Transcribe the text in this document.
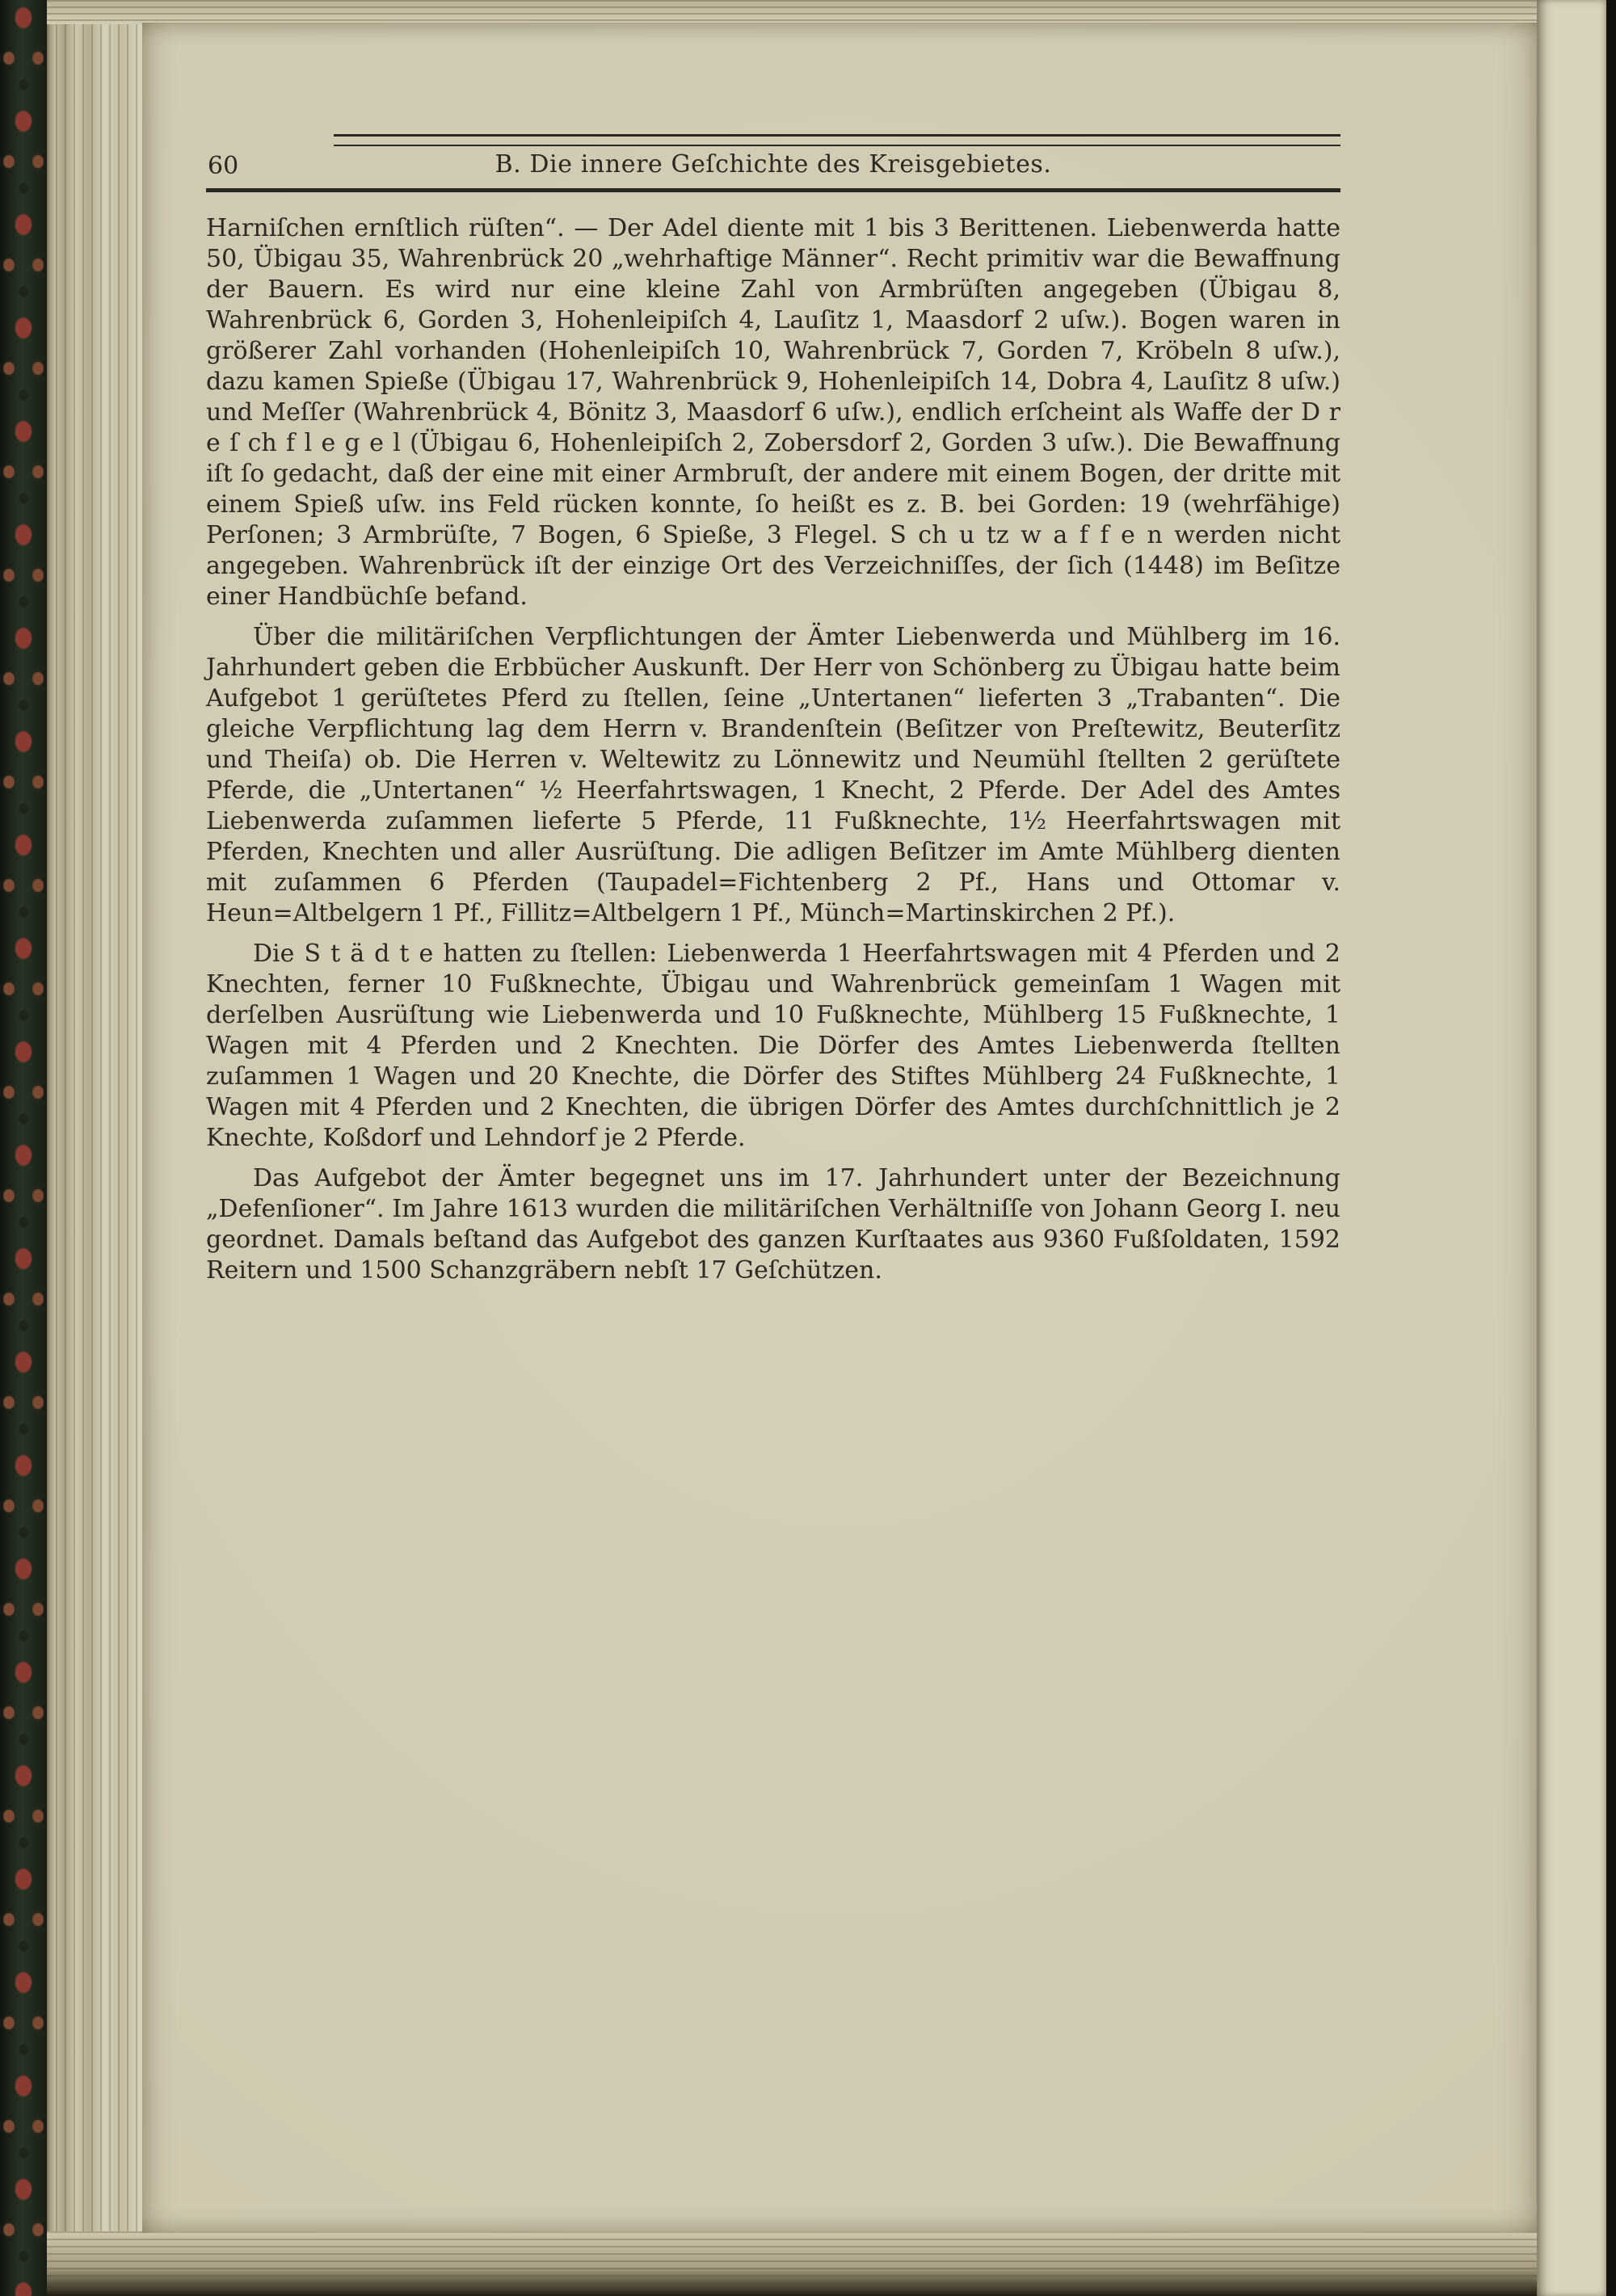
60	B. Die innere Geſchichte des Kreisgebietes.

Harniſchen ernſtlich rüſten“. — Der Adel diente mit 1 bis 3 Berittenen. Liebenwerda hatte 50, Übigau 35, Wahrenbrück 20 „wehrhaftige Männer“. Recht primitiv war die Bewaffnung der Bauern. Es wird nur eine kleine Zahl von Armbrüſten angegeben (Übigau 8, Wahrenbrück 6, Gorden 3, Hohenleipiſch 4, Lauſitz 1, Maasdorf 2 uſw.). Bogen waren in größerer Zahl vorhanden (Hohenleipiſch 10, Wahrenbrück 7, Gorden 7, Kröbeln 8 uſw.), dazu kamen Spieße (Übigau 17, Wahrenbrück 9, Hohenleipiſch 14, Dobra 4, Lauſitz 8 uſw.) und Meſſer (Wahrenbrück 4, Bönitz 3, Maasdorf 6 uſw.), endlich erſcheint als Waffe der D r e ſ ch f l e g e l (Übigau 6, Hohenleipiſch 2, Zobersdorf 2, Gorden 3 uſw.). Die Bewaffnung iſt ſo gedacht, daß der eine mit einer Armbruſt, der andere mit einem Bogen, der dritte mit einem Spieß uſw. ins Feld rücken konnte, ſo heißt es z. B. bei Gorden: 19 (wehrfähige) Perſonen; 3 Armbrüſte, 7 Bogen, 6 Spieße, 3 Flegel. S ch u tz w a f f e n werden nicht angegeben. Wahrenbrück iſt der einzige Ort des Verzeichniſſes, der ſich (1448) im Beſitze einer Handbüchſe befand.

Über die militäriſchen Verpflichtungen der Ämter Liebenwerda und Mühlberg im 16. Jahrhundert geben die Erbbücher Auskunft. Der Herr von Schönberg zu Übigau hatte beim Aufgebot 1 gerüſtetes Pferd zu ſtellen, ſeine „Untertanen“ lieferten 3 „Trabanten“. Die gleiche Verpflichtung lag dem Herrn v. Brandenſtein (Beſitzer von Preſtewitz, Beuterſitz und Theiſa) ob. Die Herren v. Weltewitz zu Lönnewitz und Neumühl ſtellten 2 gerüſtete Pferde, die „Untertanen“ ½ Heerfahrtswagen, 1 Knecht, 2 Pferde. Der Adel des Amtes Liebenwerda zuſammen lieferte 5 Pferde, 11 Fußknechte, 1½ Heerfahrtswagen mit Pferden, Knechten und aller Ausrüſtung. Die adligen Beſitzer im Amte Mühlberg dienten mit zuſammen 6 Pferden (Taupadel=Fichtenberg 2 Pf., Hans und Ottomar v. Heun=Altbelgern 1 Pf., Fillitz=Altbelgern 1 Pf., Münch=Martinskirchen 2 Pf.).

Die S t ä d t e hatten zu ſtellen: Liebenwerda 1 Heerfahrtswagen mit 4 Pferden und 2 Knechten, ferner 10 Fußknechte, Übigau und Wahrenbrück gemeinſam 1 Wagen mit derſelben Ausrüſtung wie Liebenwerda und 10 Fußknechte, Mühlberg 15 Fußknechte, 1 Wagen mit 4 Pferden und 2 Knechten. Die Dörfer des Amtes Liebenwerda ſtellten zuſammen 1 Wagen und 20 Knechte, die Dörfer des Stiftes Mühlberg 24 Fußknechte, 1 Wagen mit 4 Pferden und 2 Knechten, die übrigen Dörfer des Amtes durchſchnittlich je 2 Knechte, Koßdorf und Lehndorf je 2 Pferde.

Das Aufgebot der Ämter begegnet uns im 17. Jahrhundert unter der Bezeichnung „Defenſioner“. Im Jahre 1613 wurden die militäriſchen Verhältniſſe von Johann Georg I. neu geordnet. Damals beſtand das Aufgebot des ganzen Kurſtaates aus 9360 Fußſoldaten, 1592 Reitern und 1500 Schanzgräbern nebſt 17 Geſchützen.
